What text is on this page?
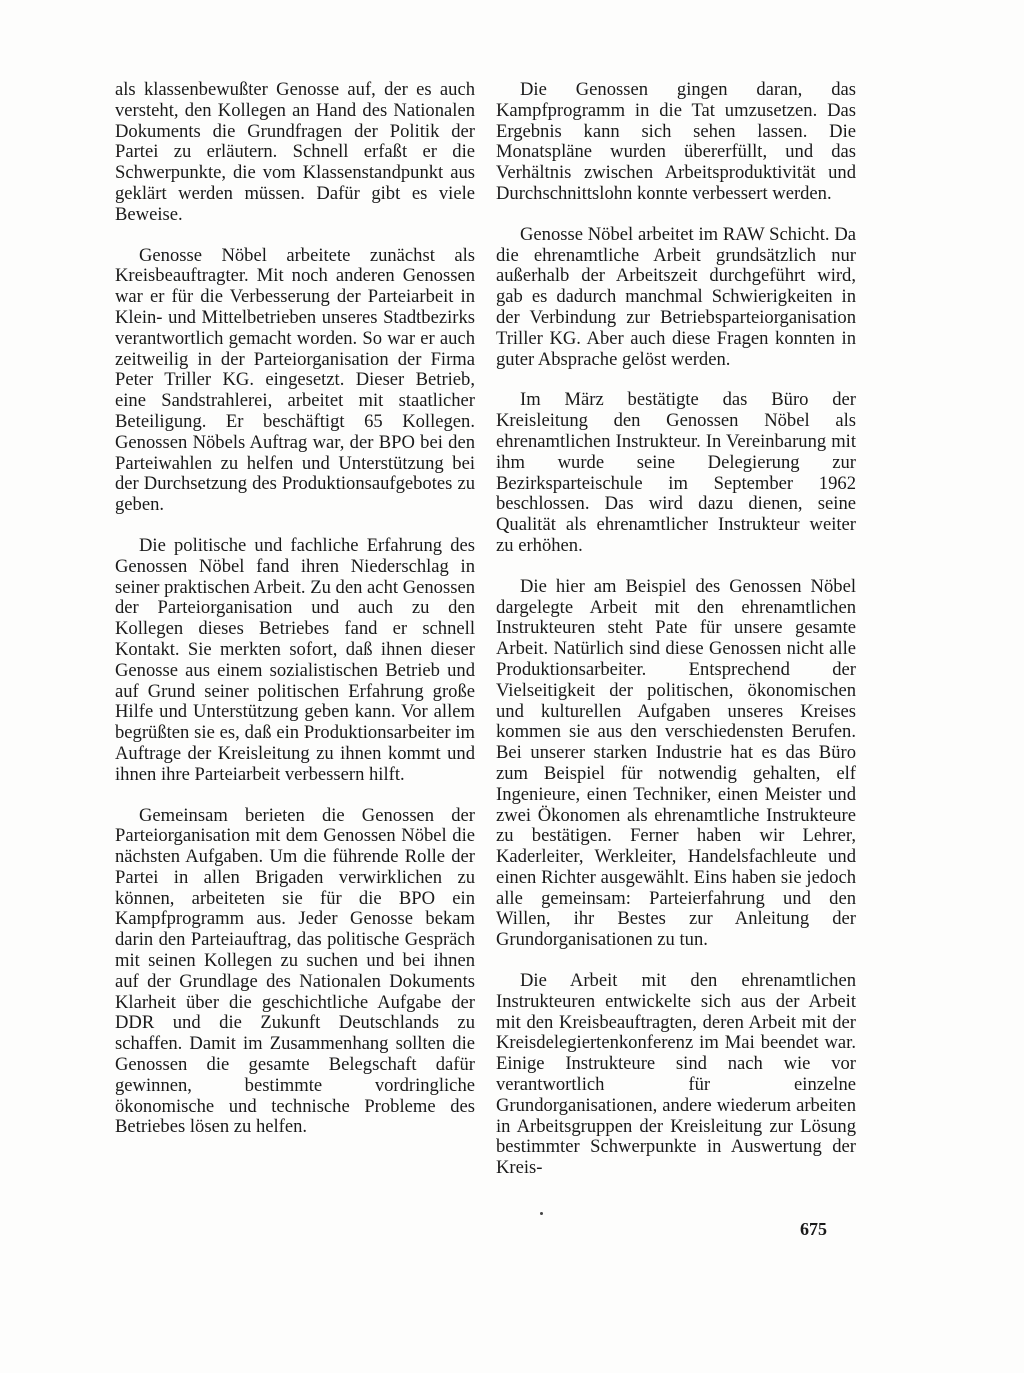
als klassenbewußter Genosse auf, der es auch versteht, den Kollegen an Hand des Nationalen Dokuments die Grundfragen der Politik der Partei zu erläutern. Schnell erfaßt er die Schwerpunkte, die vom Klassenstandpunkt aus geklärt werden müssen. Dafür gibt es viele Beweise.

Genosse Nöbel arbeitete zunächst als Kreisbeauftragter. Mit noch anderen Genossen war er für die Verbesserung der Parteiarbeit in Klein- und Mittelbetrieben unseres Stadtbezirks verantwortlich gemacht worden. So war er auch zeitweilig in der Parteiorganisation der Firma Peter Triller KG. eingesetzt. Dieser Betrieb, eine Sandstrahlerei, arbeitet mit staatlicher Beteiligung. Er beschäftigt 65 Kollegen. Genossen Nöbels Auftrag war, der BPO bei den Parteiwahlen zu helfen und Unterstützung bei der Durchsetzung des Produktionsaufgebotes zu geben.

Die politische und fachliche Erfahrung des Genossen Nöbel fand ihren Niederschlag in seiner praktischen Arbeit. Zu den acht Genossen der Parteiorganisation und auch zu den Kollegen dieses Betriebes fand er schnell Kontakt. Sie merkten sofort, daß ihnen dieser Genosse aus einem sozialistischen Betrieb und auf Grund seiner politischen Erfahrung große Hilfe und Unterstützung geben kann. Vor allem begrüßten sie es, daß ein Produktionsarbeiter im Auftrage der Kreisleitung zu ihnen kommt und ihnen ihre Parteiarbeit verbessern hilft.

Gemeinsam berieten die Genossen der Parteiorganisation mit dem Genossen Nöbel die nächsten Aufgaben. Um die führende Rolle der Partei in allen Brigaden verwirklichen zu können, arbeiteten sie für die BPO ein Kampfprogramm aus. Jeder Genosse bekam darin den Parteiauftrag, das politische Gespräch mit seinen Kollegen zu suchen und bei ihnen auf der Grundlage des Nationalen Dokuments Klarheit über die geschichtliche Aufgabe der DDR und die Zukunft Deutschlands zu schaffen. Damit im Zusammenhang sollten die Genossen die gesamte Belegschaft dafür gewinnen, bestimmte vordringliche ökonomische und technische Probleme des Betriebes lösen zu helfen.

Die Genossen gingen daran, das Kampfprogramm in die Tat umzusetzen. Das Ergebnis kann sich sehen lassen. Die Monatspläne wurden übererfüllt, und das Verhältnis zwischen Arbeitsproduktivität und Durchschnittslohn konnte verbessert werden.

Genosse Nöbel arbeitet im RAW Schicht. Da die ehrenamtliche Arbeit grundsätzlich nur außerhalb der Arbeitszeit durchgeführt wird, gab es dadurch manchmal Schwierigkeiten in der Verbindung zur Betriebsparteiorganisation Triller KG. Aber auch diese Fragen konnten in guter Absprache gelöst werden.

Im März bestätigte das Büro der Kreisleitung den Genossen Nöbel als ehrenamtlichen Instrukteur. In Vereinbarung mit ihm wurde seine Delegierung zur Bezirksparteischule im September 1962 beschlossen. Das wird dazu dienen, seine Qualität als ehrenamtlicher Instrukteur weiter zu erhöhen.

Die hier am Beispiel des Genossen Nöbel dargelegte Arbeit mit den ehrenamtlichen Instrukteuren steht Pate für unsere gesamte Arbeit. Natürlich sind diese Genossen nicht alle Produktionsarbeiter. Entsprechend der Vielseitigkeit der politischen, ökonomischen und kulturellen Aufgaben unseres Kreises kommen sie aus den verschiedensten Berufen. Bei unserer starken Industrie hat es das Büro zum Beispiel für notwendig gehalten, elf Ingenieure, einen Techniker, einen Meister und zwei Ökonomen als ehrenamtliche Instrukteure zu bestätigen. Ferner haben wir Lehrer, Kaderleiter, Werkleiter, Handelsfachleute und einen Richter ausgewählt. Eins haben sie jedoch alle gemeinsam: Parteierfahrung und den Willen, ihr Bestes zur Anleitung der Grundorganisationen zu tun.

Die Arbeit mit den ehrenamtlichen Instrukteuren entwickelte sich aus der Arbeit mit den Kreisbeauftragten, deren Arbeit mit der Kreisdelegiertenkonferenz im Mai beendet war. Einige Instrukteure sind nach wie vor verantwortlich für einzelne Grundorganisationen, andere wiederum arbeiten in Arbeitsgruppen der Kreisleitung zur Lösung bestimmter Schwerpunkte in Auswertung der Kreis-

675
